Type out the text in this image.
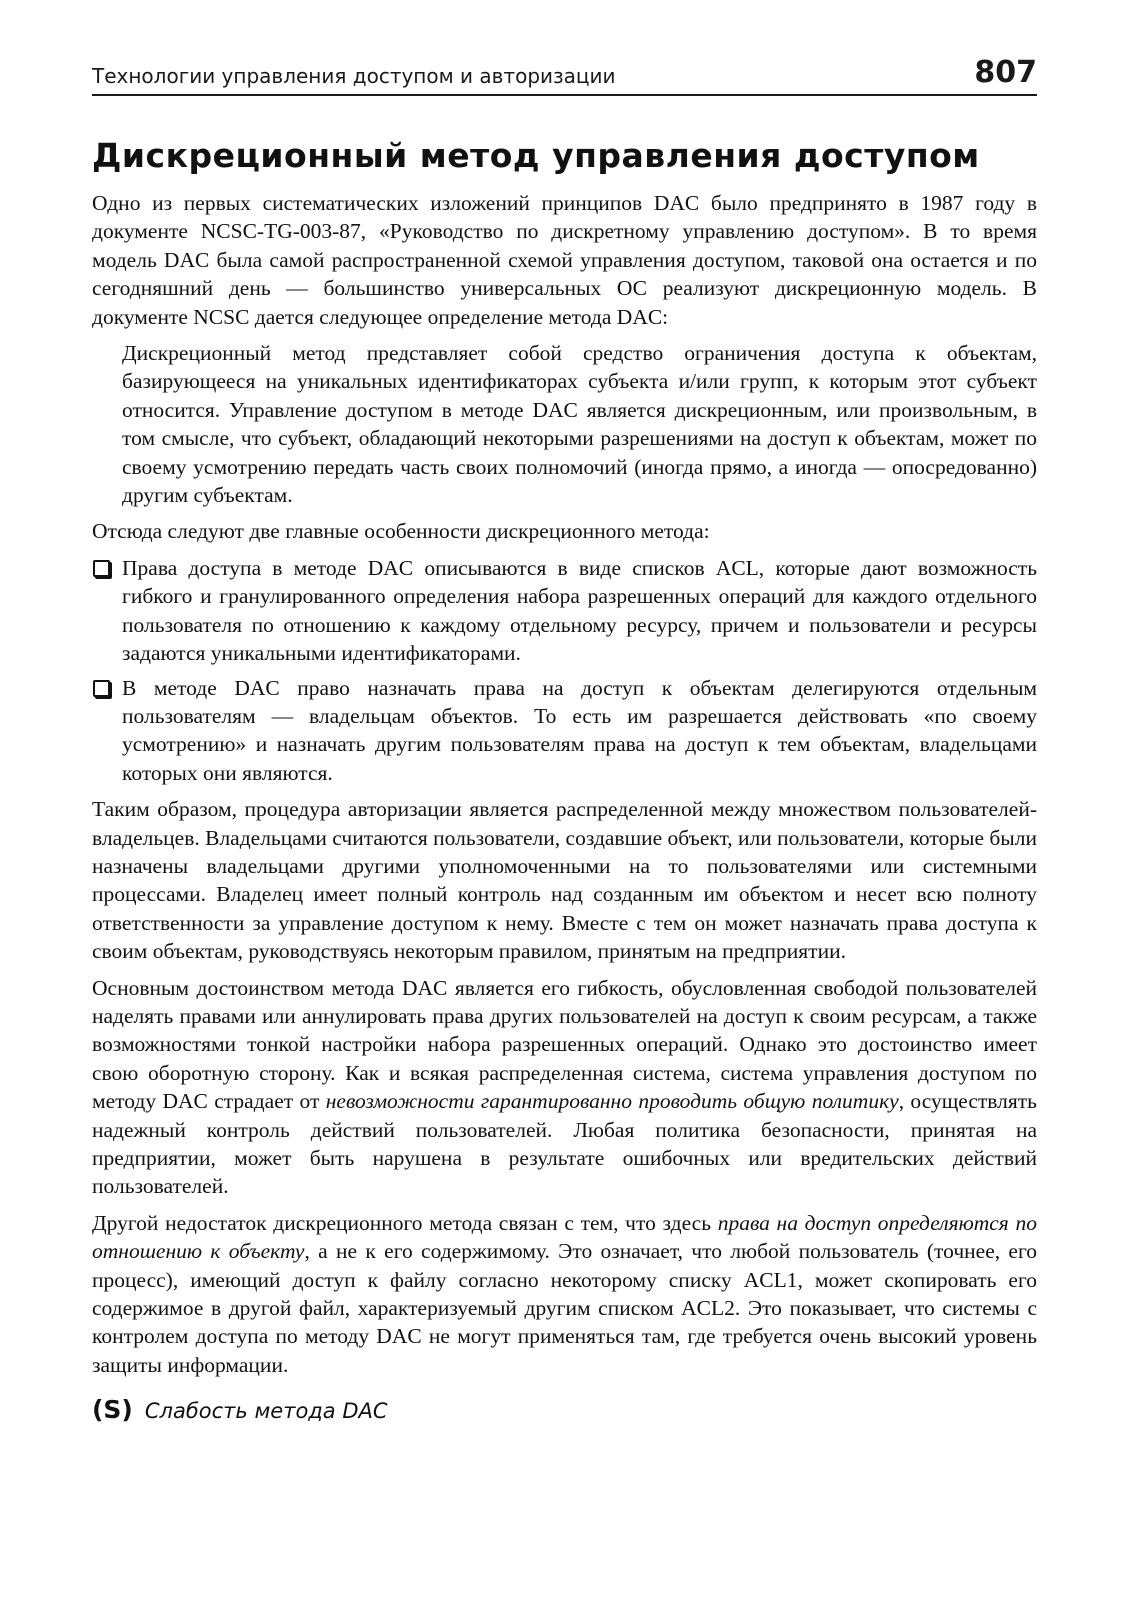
Технологии управления доступом и авторизации	807
Дискреционный метод управления доступом

Одно из первых систематических изложений принципов DAC было предпринято в 1987 году в документе NCSC-TG-003-87, «Руководство по дискретному управлению доступом». В то время модель DAC была самой распространенной схемой управления доступом, таковой она остается и по сегодняшний день — большинство универсальных ОС реализуют дискреционную модель. В документе NCSC дается следующее определение метода DAC:

Дискреционный метод представляет собой средство ограничения доступа к объектам, базирующееся на уникальных идентификаторах субъекта и/или групп, к которым этот субъект относится. Управление доступом в методе DAC является дискреционным, или произвольным, в том смысле, что субъект, обладающий некоторыми разрешениями на доступ к объектам, может по своему усмотрению передать часть своих полномочий (иногда прямо, а иногда — опосредованно) другим субъектам.

Отсюда следуют две главные особенности дискреционного метода:

Права доступа в методе DAC описываются в виде списков ACL, которые дают возможность гибкого и гранулированного определения набора разрешенных операций для каждого отдельного пользователя по отношению к каждому отдельному ресурсу, причем и пользователи и ресурсы задаются уникальными идентификаторами.
В методе DAC право назначать права на доступ к объектам делегируются отдельным пользователям — владельцам объектов. То есть им разрешается действовать «по своему усмотрению» и назначать другим пользователям права на доступ к тем объектам, владельцами которых они являются.

Таким образом, процедура авторизации является распределенной между множеством пользователей-владельцев. Владельцами считаются пользователи, создавшие объект, или пользователи, которые были назначены владельцами другими уполномоченными на то пользователями или системными процессами. Владелец имеет полный контроль над созданным им объектом и несет всю полноту ответственности за управление доступом к нему. Вместе с тем он может назначать права доступа к своим объектам, руководствуясь некоторым правилом, принятым на предприятии.

Основным достоинством метода DAC является его гибкость, обусловленная свободой пользователей наделять правами или аннулировать права других пользователей на доступ к своим ресурсам, а также возможностями тонкой настройки набора разрешенных операций. Однако это достоинство имеет свою оборотную сторону. Как и всякая распределенная система, система управления доступом по методу DAC страдает от невозможности гарантированно проводить общую политику, осуществлять надежный контроль действий пользователей. Любая политика безопасности, принятая на предприятии, может быть нарушена в результате ошибочных или вредительских действий пользователей.

Другой недостаток дискреционного метода связан с тем, что здесь права на доступ определяются по отношению к объекту, а не к его содержимому. Это означает, что любой пользователь (точнее, его процесс), имеющий доступ к файлу согласно некоторому списку ACL1, может скопировать его содержимое в другой файл, характеризуемый другим списком ACL2. Это показывает, что системы с контролем доступа по методу DAC не могут применяться там, где требуется очень высокий уровень защиты информации.

(S) Слабость метода DAC
